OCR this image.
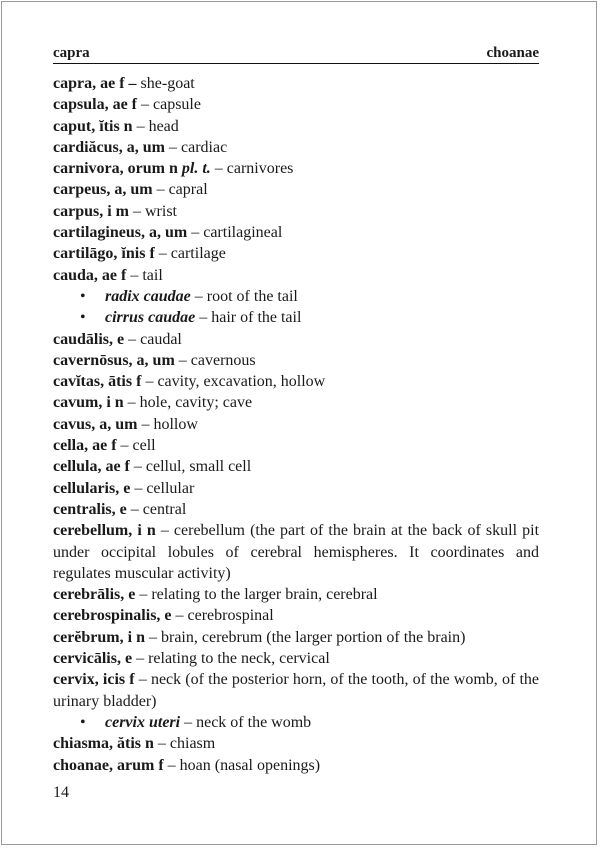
capra	choanae

capra, ae f – she-goat

capsula, ae f – capsule

caput, ĭtis n – head

cardiăcus, a, um – cardiac

carnivora, orum n pl. t. – carnivores

carpeus, a, um – capral

carpus, i m – wrist

cartilagineus, a, um – cartilagineal

cartilāgo, ĭnis f – cartilage

cauda, ae f – tail

• radix caudae – root of the tail

• cirrus caudae – hair of the tail

caudālis, e – caudal

cavernōsus, a, um – cavernous

cavĭtas, ātis f – cavity, excavation, hollow

cavum, i n – hole, cavity; cave

cavus, a, um – hollow

cella, ae f – cell

cellula, ae f – cellul, small cell

cellularis, e – cellular

centralis, e – central

cerebellum, i n – cerebellum (the part of the brain at the back of skull pit under occipital lobules of cerebral hemispheres. It coordinates and regulates muscular activity)

cerebrālis, e – relating to the larger brain, cerebral

cerebrospinalis, e – cerebrospinal

cerĕbrum, i n – brain, cerebrum (the larger portion of the brain)

cervicālis, e – relating to the neck, cervical

cervix, icis f – neck (of the posterior horn, of the tooth, of the womb, of the urinary bladder)

• cervix uteri – neck of the womb

chiasma, ătis n – chiasm

choanae, arum f – hoan (nasal openings)

14
